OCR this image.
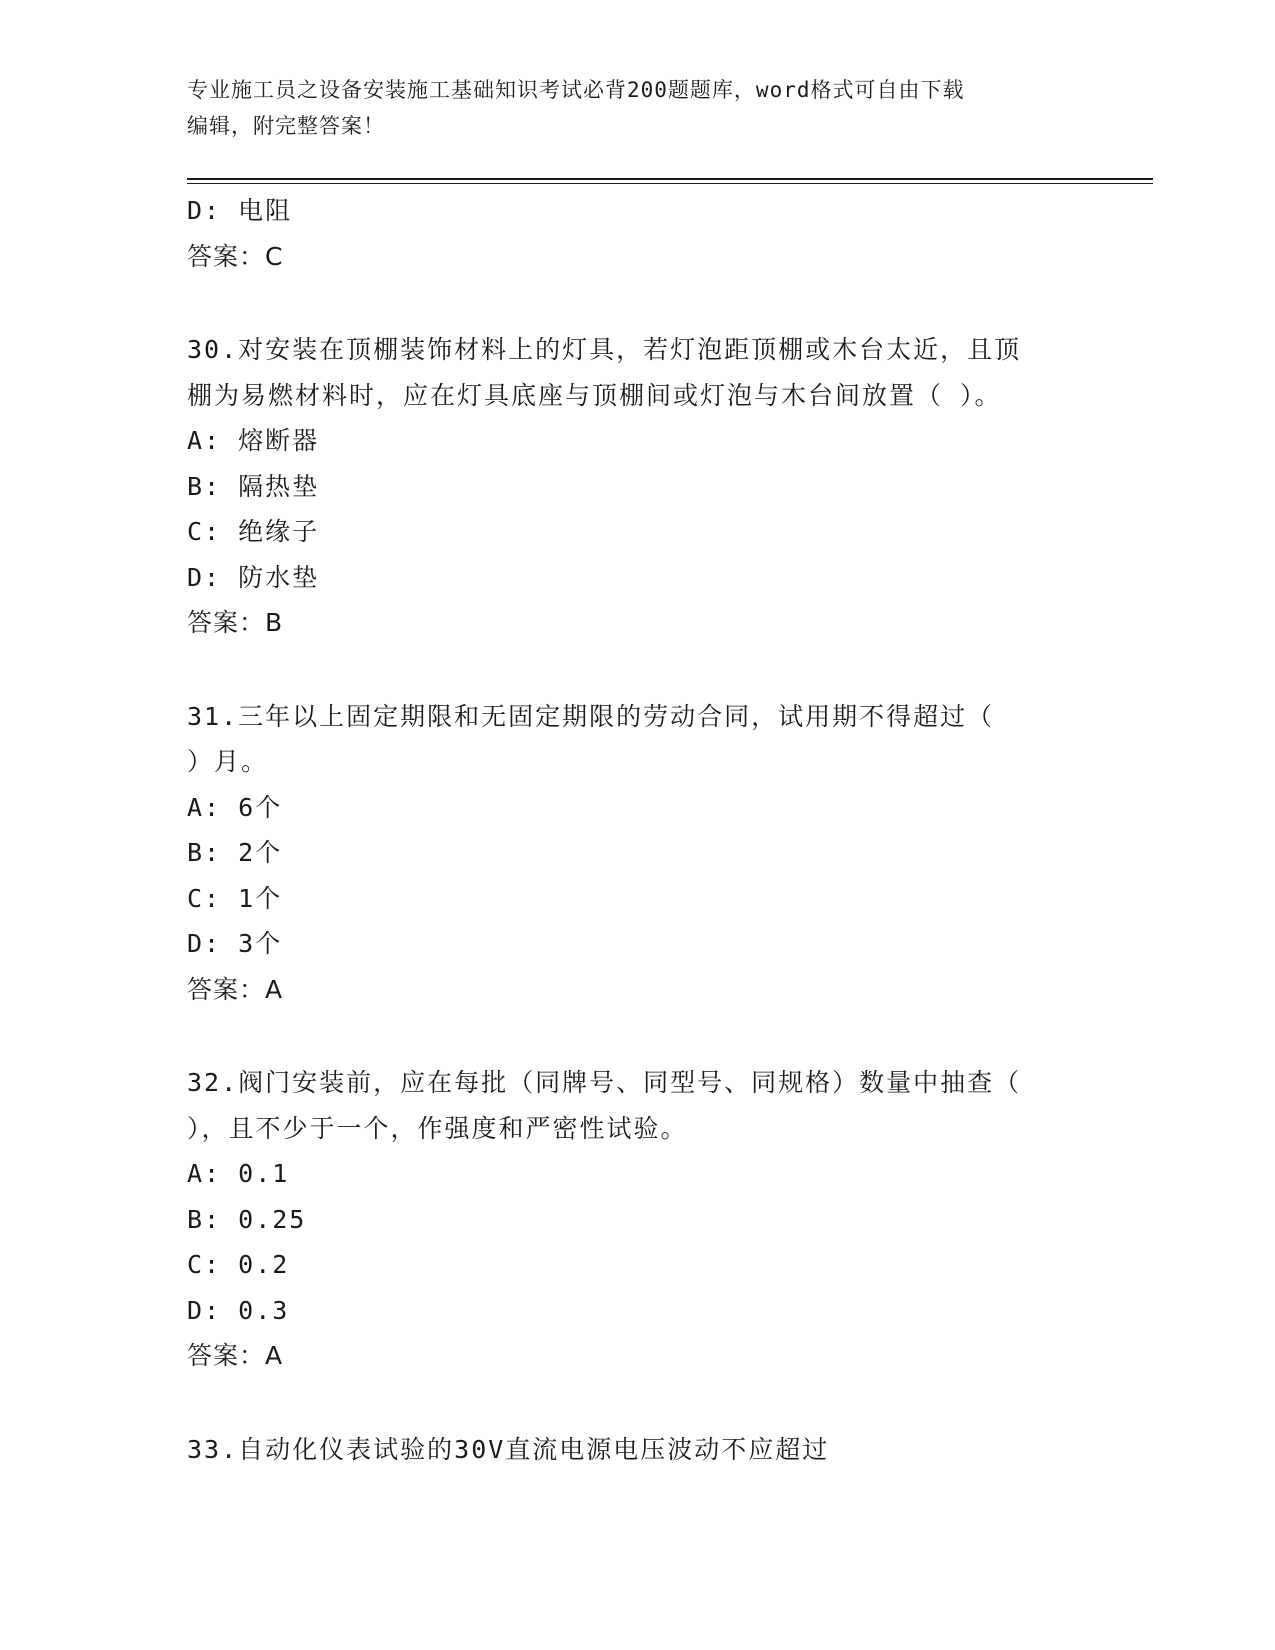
专业施工员之设备安装施工基础知识考试必背200题题库，word格式可自由下载
编辑，附完整答案！
D: 电阻
答案：C
30.对安装在顶棚装饰材料上的灯具，若灯泡距顶棚或木台太近，且顶
棚为易燃材料时，应在灯具底座与顶棚间或灯泡与木台间放置（ ）。
A: 熔断器
B: 隔热垫
C: 绝缘子
D: 防水垫
答案：B
31.三年以上固定期限和无固定期限的劳动合同，试用期不得超过（
）月。
A: 6个
B: 2个
C: 1个
D: 3个
答案：A
32.阀门安装前，应在每批（同牌号、同型号、同规格）数量中抽查（
），且不少于一个，作强度和严密性试验。
A: 0.1
B: 0.25
C: 0.2
D: 0.3
答案：A
33.自动化仪表试验的30V直流电源电压波动不应超过
